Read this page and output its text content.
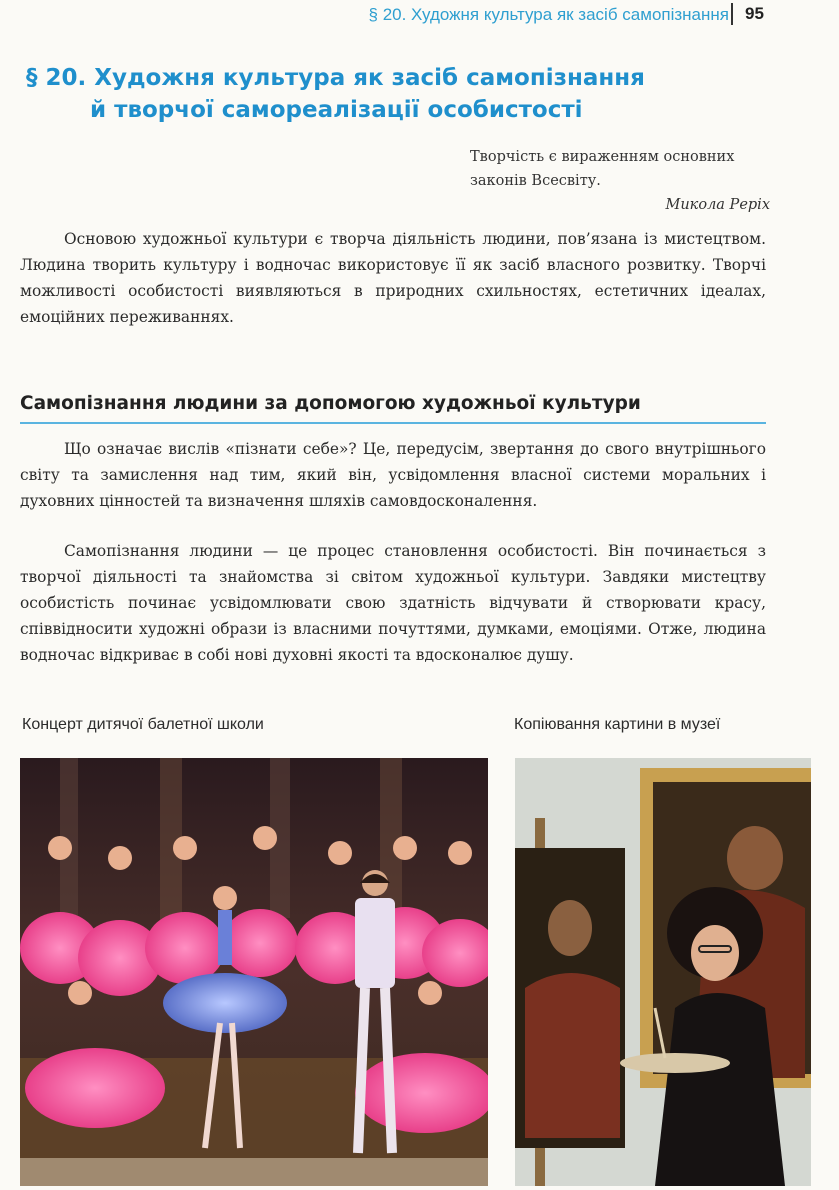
§ 20. Художня культура як засіб самопізнання 95
§ 20. Художня культура як засіб самопізнання
й творчої самореалізації особистості
Творчість є вираженням основних законів Всесвіту.
Микола Реріх

Основою художньої культури є творча діяльність людини, пов’язана із мистецтвом. Людина творить культуру і водночас використовує її як засіб власного розвитку. Творчі можливості особистості виявляються в природних схильностях, естетичних ідеалах, емоційних переживаннях.

Самопізнання людини за допомогою художньої культури

Що означає вислів «пізнати себе»? Це, передусім, звертання до свого внутрішнього світу та замислення над тим, який він, усвідомлення власної системи моральних і духовних цінностей та визначення шляхів самовдосконалення.

Самопізнання людини — це процес становлення особистості. Він починається з творчої діяльності та знайомства зі світом художньої культури. Завдяки мистецтву особистість починає усвідомлювати свою здатність відчувати й створювати красу, співвідносити художні образи із власними почуттями, думками, емоціями. Отже, людина водночас відкриває в собі нові духовні якості та вдосконалює душу.

Концерт дитячої балетної школи	Копіювання картини в музеї
